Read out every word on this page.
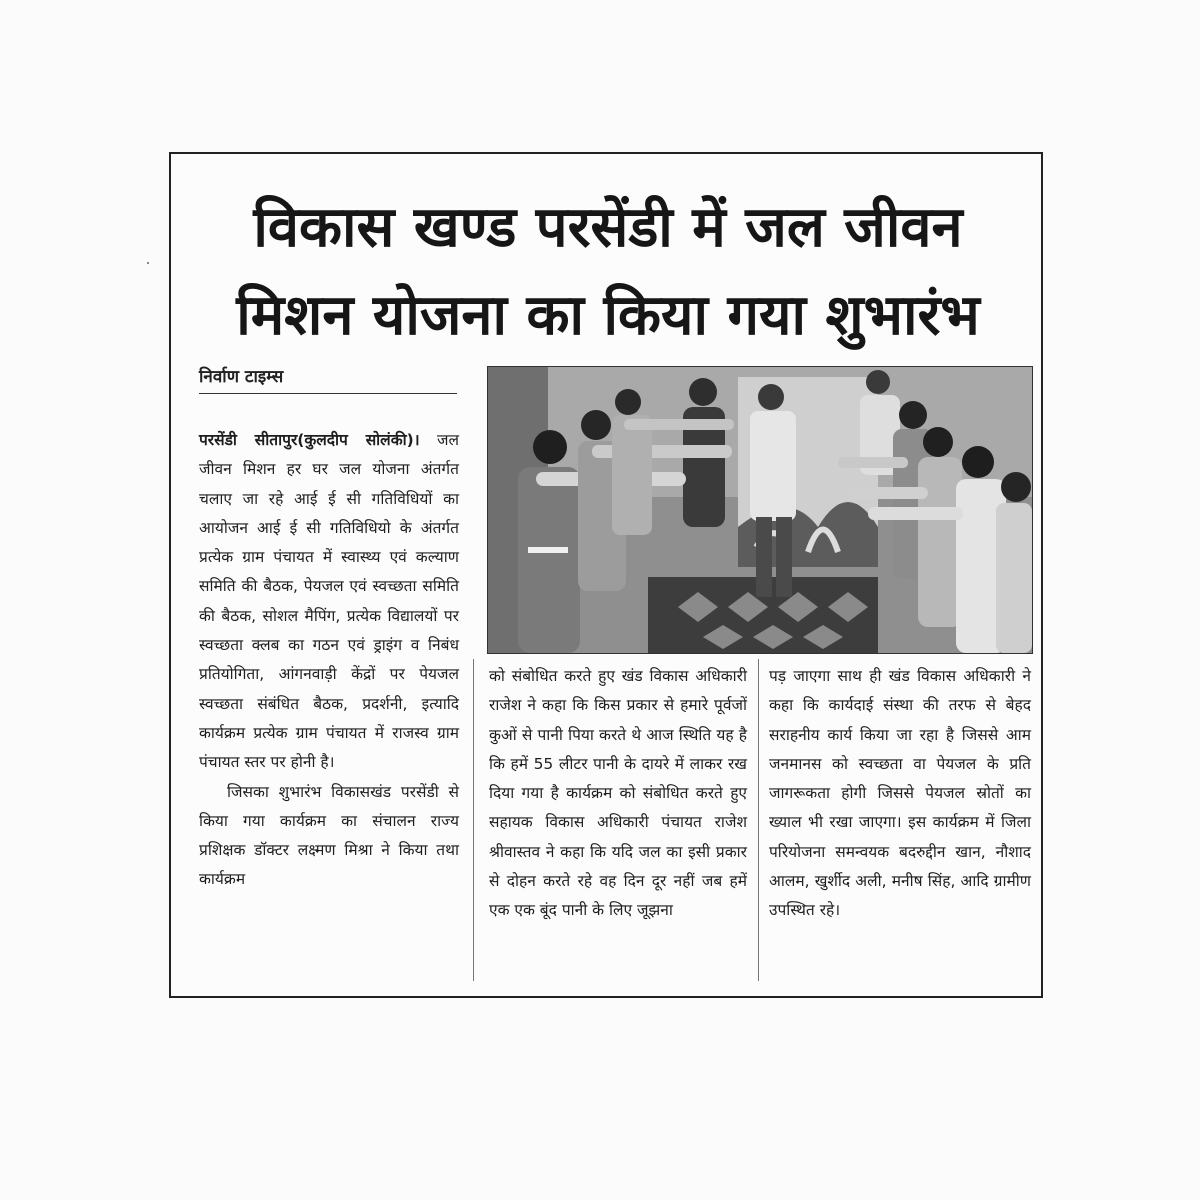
विकास खण्ड परसेंडी में जल जीवन
मिशन योजना का किया गया शुभारंभ
निर्वाण टाइम्स

परसेंडी सीतापुर(कुलदीप सोलंकी)। जल जीवन मिशन हर घर जल योजना अंतर्गत चलाए जा रहे आई ई सी गतिविधियों का आयोजन आई ई सी गतिविधियो के अंतर्गत प्रत्येक ग्राम पंचायत में स्वास्थ्य एवं कल्याण समिति की बैठक, पेयजल एवं स्वच्छता समिति की बैठक, सोशल मैपिंग, प्रत्येक विद्यालयों पर स्वच्छता क्लब का गठन एवं ड्राइंग व निबंध प्रतियोगिता, आंगनवाड़ी केंद्रों पर पेयजल स्वच्छता संबंधित बैठक, प्रदर्शनी, इत्यादि कार्यक्रम प्रत्येक ग्राम पंचायत में राजस्व ग्राम पंचायत स्तर पर होनी है।

जिसका शुभारंभ विकासखंड परसेंडी से किया गया कार्यक्रम का संचालन राज्य प्रशिक्षक डॉक्टर लक्ष्मण मिश्रा ने किया तथा कार्यक्रम

को संबोधित करते हुए खंड विकास अधिकारी राजेश ने कहा कि किस प्रकार से हमारे पूर्वजों कुओं से पानी पिया करते थे आज स्थिति यह है कि हमें 55 लीटर पानी के दायरे में लाकर रख दिया गया है कार्यक्रम को संबोधित करते हुए सहायक विकास अधिकारी पंचायत राजेश श्रीवास्तव ने कहा कि यदि जल का इसी प्रकार से दोहन करते रहे वह दिन दूर नहीं जब हमें एक एक बूंद पानी के लिए जूझना

पड़ जाएगा साथ ही खंड विकास अधिकारी ने कहा कि कार्यदाई संस्था की तरफ से बेहद सराहनीय कार्य किया जा रहा है जिससे आम जनमानस को स्वच्छता वा पेयजल के प्रति जागरूकता होगी जिससे पेयजल स्रोतों का ख्याल भी रखा जाएगा। इस कार्यक्रम में जिला परियोजना समन्वयक बदरुद्दीन खान, नौशाद आलम, खुर्शीद अली, मनीष सिंह, आदि ग्रामीण उपस्थित रहे।
